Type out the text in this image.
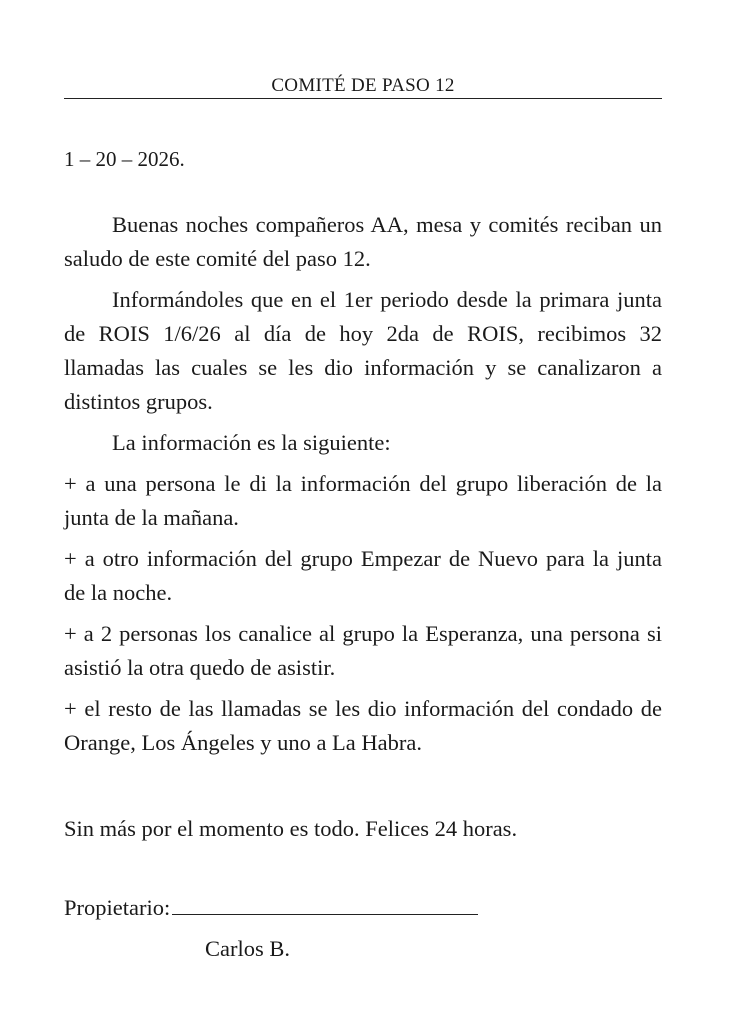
COMITÉ DE PASO 12
1 – 20 – 2026.

Buenas noches compañeros AA, mesa y comités reciban un saludo de este comité del paso 12.

Informándoles que en el 1er periodo desde la primara junta de ROIS 1/6/26 al día de hoy 2da de ROIS, recibimos 32 llamadas las cuales se les dio información y se canalizaron a distintos grupos.

La información es la siguiente:

+ a una persona le di la información del grupo liberación de la junta de la mañana.

+ a otro información del grupo Empezar de Nuevo para la junta de la noche.

+ a 2 personas los canalice al grupo la Esperanza, una persona si asistió la otra quedo de asistir.

+ el resto de las llamadas se les dio información del condado de Orange, Los Ángeles y uno a La Habra.

Sin más por el momento es todo. Felices 24 horas.
Propietario:
Carlos B.
